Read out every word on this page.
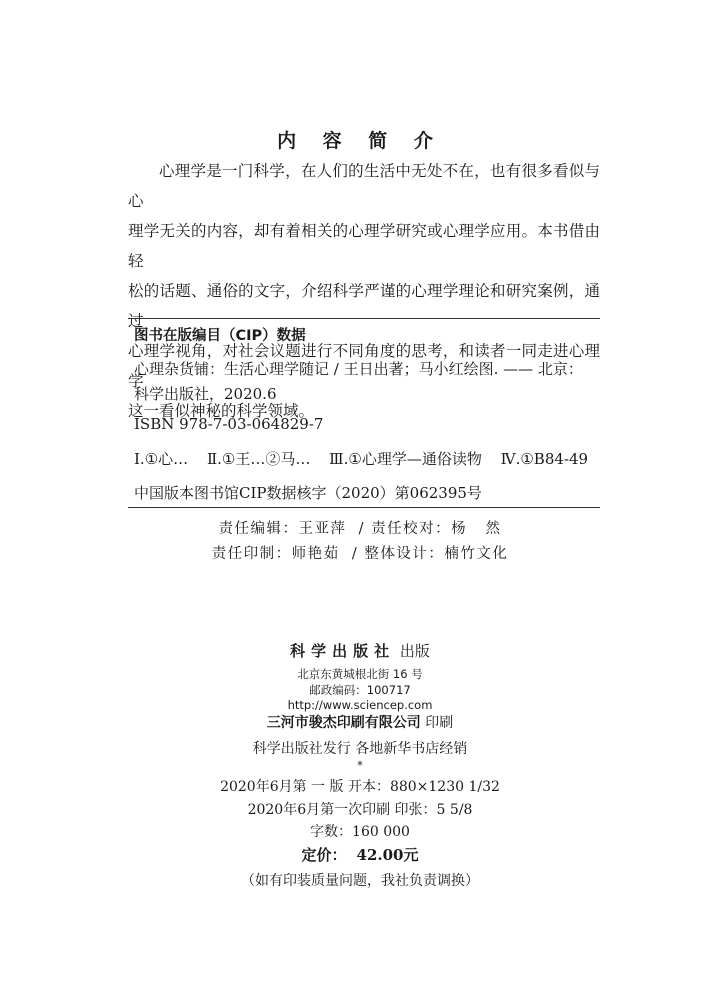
内 容 简 介

心理学是一门科学，在人们的生活中无处不在，也有很多看似与心

理学无关的内容，却有着相关的心理学研究或心理学应用。本书借由轻
松的话题、通俗的文字，介绍科学严谨的心理学理论和研究案例，通过
心理学视角，对社会议题进行不同角度的思考，和读者一同走进心理学
这一看似神秘的科学领域。
图书在版编目（CIP）数据
心理杂货铺：生活心理学随记 / 王日出著；马小红绘图. —— 北京：
科学出版社，2020.6
ISBN 978-7-03-064829-7
Ⅰ.①心… Ⅱ.①王…②马… Ⅲ.①心理学—通俗读物 Ⅳ.①B84-49
中国版本图书馆CIP数据核字（2020）第062395号
责任编辑：王亚萍  / 责任校对：杨   然
责任印制：师艳茹  / 整体设计：楠竹文化
科学出版社 出版
北京东黄城根北街 16 号
邮政编码：100717
http://www.sciencep.com
三河市骏杰印刷有限公司 印刷
科学出版社发行 各地新华书店经销
*
2020年6月第 一 版 开本：880×1230 1/32
2020年6月第一次印刷 印张：5 5/8
字数：160 000
定价： 42.00元
（如有印装质量问题，我社负责调换）
